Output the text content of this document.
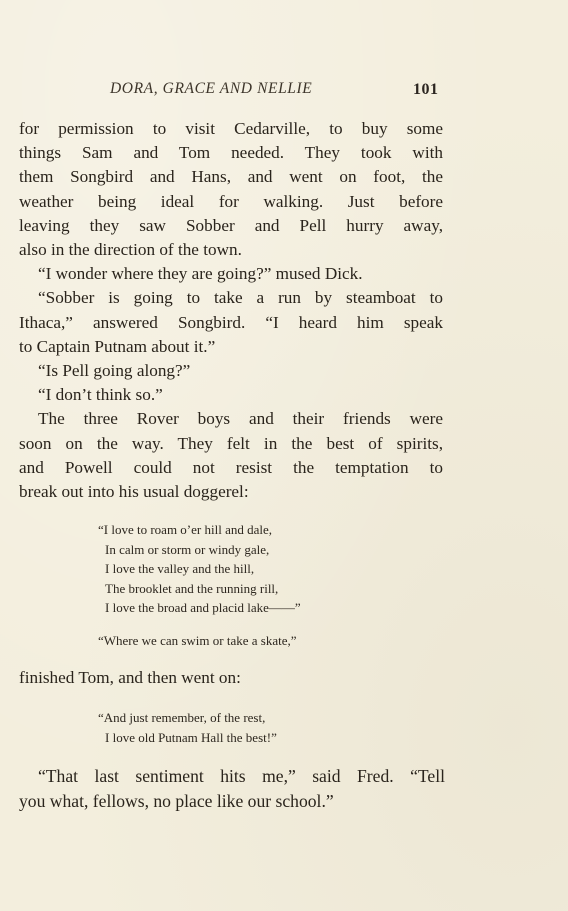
DORA, GRACE AND NELLIE	101

for permission to visit Cedarville, to buy some
things Sam and Tom needed. They took with
them Songbird and Hans, and went on foot, the
weather being ideal for walking. Just before
leaving they saw Sobber and Pell hurry away,
also in the direction of the town.

“I wonder where they are going?” mused Dick.

“Sobber is going to take a run by steamboat to
Ithaca,” answered Songbird. “I heard him speak
to Captain Putnam about it.”

“Is Pell going along?”

“I don’t think so.”

The three Rover boys and their friends were
soon on the way. They felt in the best of spirits,
and Powell could not resist the temptation to
break out into his usual doggerel:

“I love to roam o’er hill and dale,
In calm or storm or windy gale,
I love the valley and the hill,
The brooklet and the running rill,
I love the broad and placid lake——”
“Where we can swim or take a skate,”
finished Tom, and then went on:
“And just remember, of the rest,
I love old Putnam Hall the best!”

“That last sentiment hits me,” said Fred. “Tell
you what, fellows, no place like our school.”
